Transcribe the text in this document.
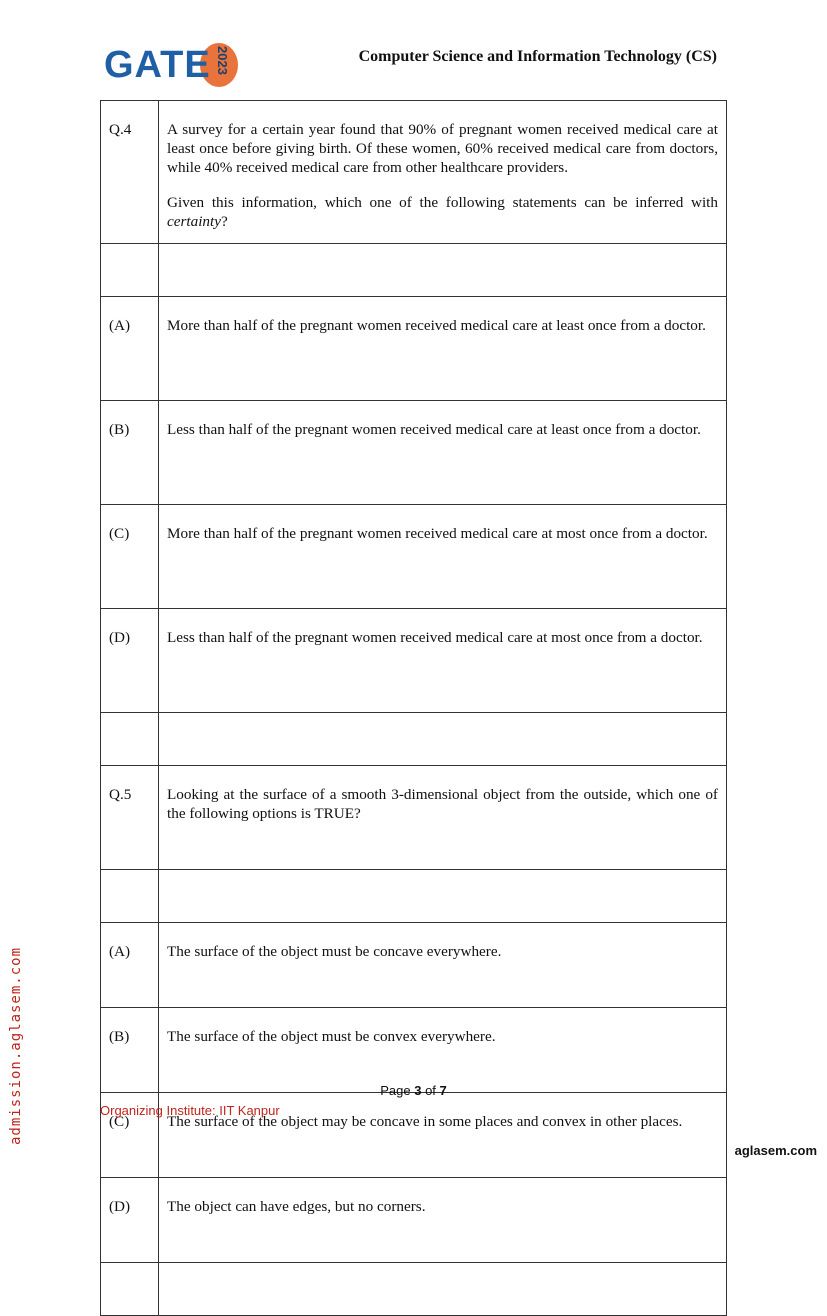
GATE 2023	Computer Science and Information Technology (CS)
Q.4	A survey for a certain year found that 90% of pregnant women received medical care at least once before giving birth. Of these women, 60% received medical care from doctors, while 40% received medical care from other healthcare providers.

Given this information, which one of the following statements can be inferred with certainty?

(A)	More than half of the pregnant women received medical care at least once from a doctor.
(B)	Less than half of the pregnant women received medical care at least once from a doctor.
(C)	More than half of the pregnant women received medical care at most once from a doctor.
(D)	Less than half of the pregnant women received medical care at most once from a doctor.

Q.5	Looking at the surface of a smooth 3-dimensional object from the outside, which one of the following options is TRUE?

(A)	The surface of the object must be concave everywhere.
(B)	The surface of the object must be convex everywhere.
(C)	The surface of the object may be concave in some places and convex in other places.
(D)	The object can have edges, but no corners.

Page 3 of 7
Organizing Institute: IIT Kanpur
admission.aglasem.com
aglasem.com
